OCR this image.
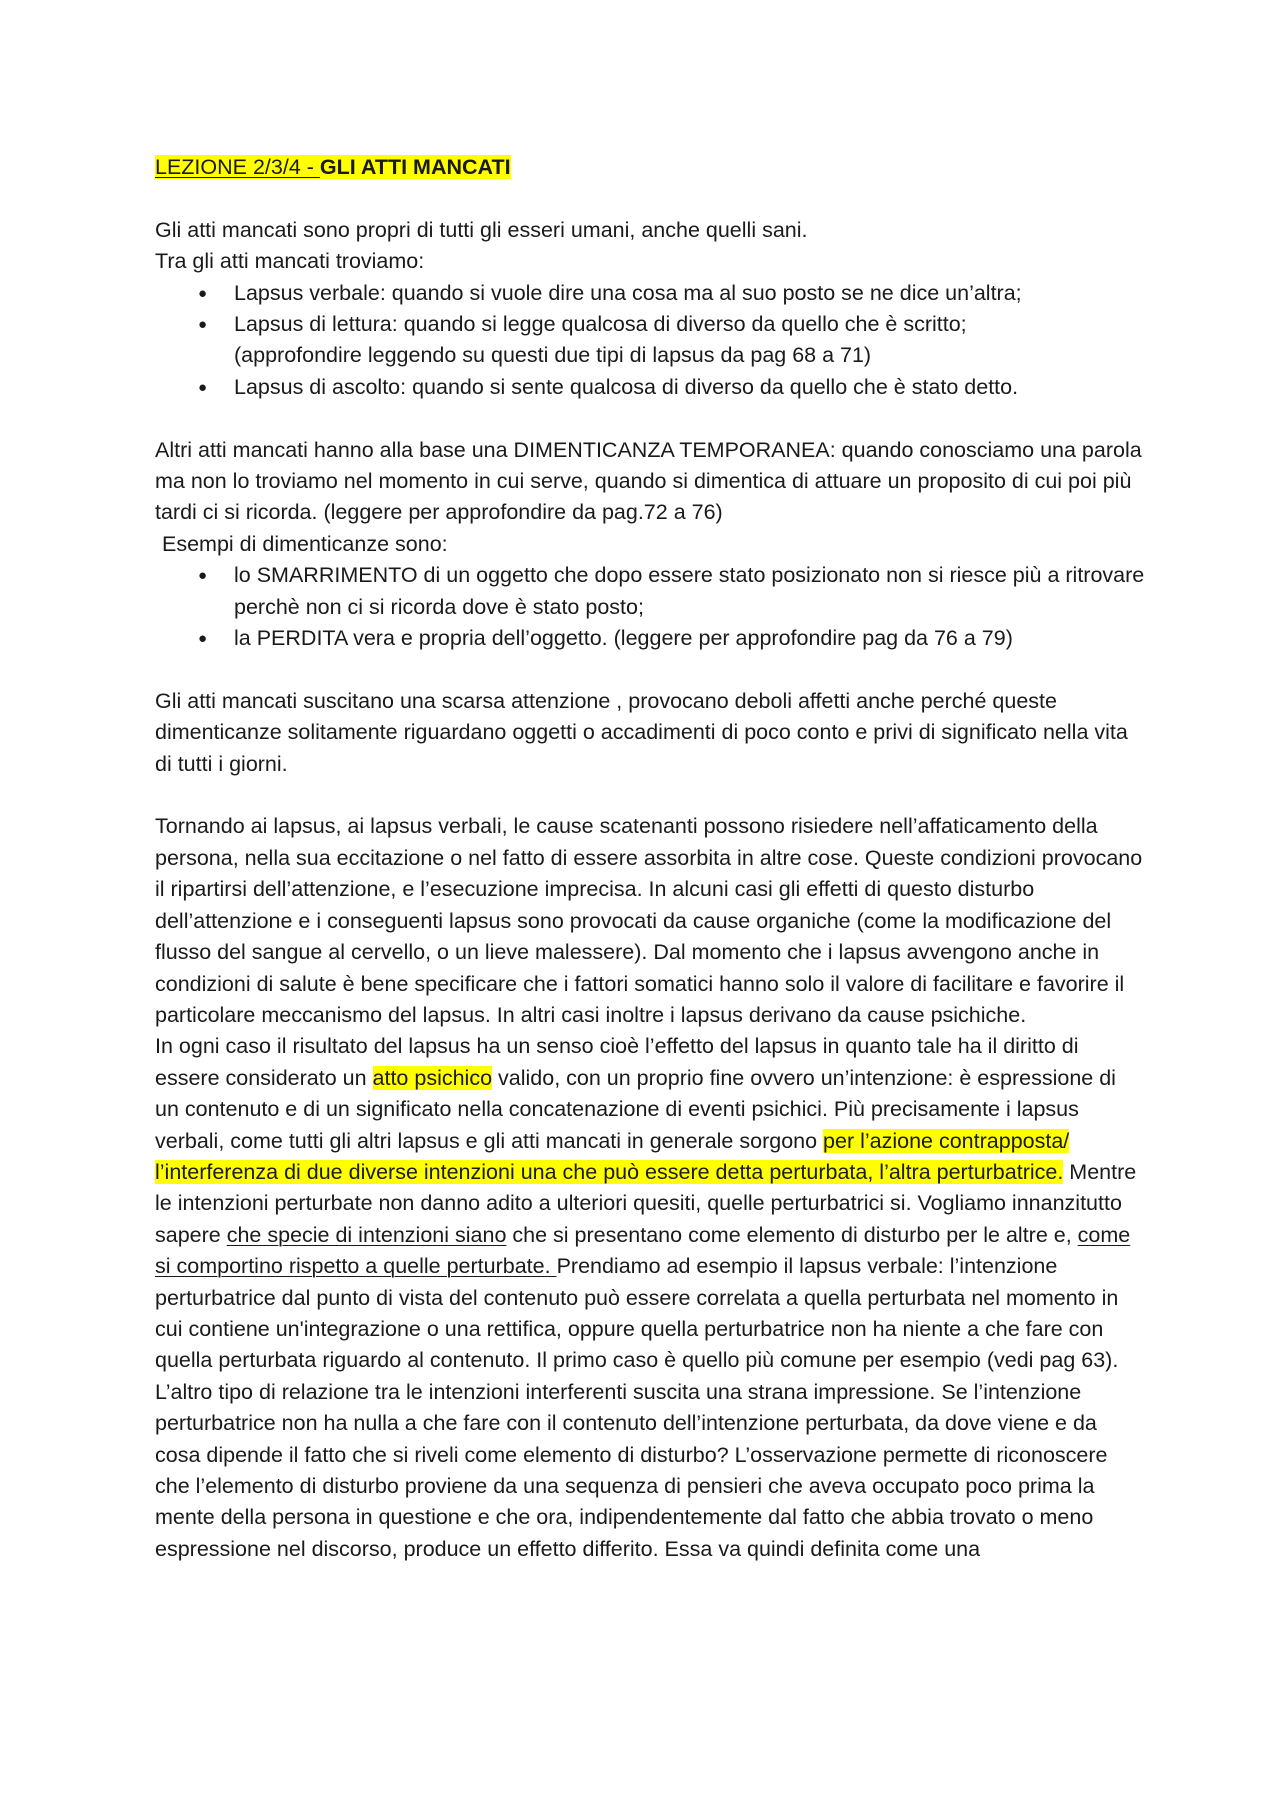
LEZIONE 2/3/4 - GLI ATTI MANCATI

Gli atti mancati sono propri di tutti gli esseri umani, anche quelli sani.

Tra gli atti mancati troviamo:

● Lapsus verbale: quando si vuole dire una cosa ma al suo posto se ne dice un’altra;
● Lapsus di lettura: quando si legge qualcosa di diverso da quello che è scritto;
(approfondire leggendo su questi due tipi di lapsus da pag 68 a 71)
● Lapsus di ascolto: quando si sente qualcosa di diverso da quello che è stato detto.

Altri atti mancati hanno alla base una DIMENTICANZA TEMPORANEA: quando conosciamo una parola ma non lo troviamo nel momento in cui serve, quando si dimentica di attuare un proposito di cui poi più tardi ci si ricorda. (leggere per approfondire da pag.72 a 76)

Esempi di dimenticanze sono:

● lo SMARRIMENTO di un oggetto che dopo essere stato posizionato non si riesce più a ritrovare perchè non ci si ricorda dove è stato posto;
● la PERDITA vera e propria dell’oggetto. (leggere per approfondire pag da 76 a 79)

Gli atti mancati suscitano una scarsa attenzione , provocano deboli affetti anche perché queste dimenticanze solitamente riguardano oggetti o accadimenti di poco conto e privi di significato nella vita di tutti i giorni.

Tornando ai lapsus, ai lapsus verbali, le cause scatenanti possono risiedere nell’affaticamento della persona, nella sua eccitazione o nel fatto di essere assorbita in altre cose. Queste condizioni provocano il ripartirsi dell’attenzione, e l’esecuzione imprecisa. In alcuni casi gli effetti di questo disturbo dell’attenzione e i conseguenti lapsus sono provocati da cause organiche (come la modificazione del flusso del sangue al cervello, o un lieve malessere). Dal momento che i lapsus avvengono anche in condizioni di salute è bene specificare che i fattori somatici hanno solo il valore di facilitare e favorire il particolare meccanismo del lapsus. In altri casi inoltre i lapsus derivano da cause psichiche.

In ogni caso il risultato del lapsus ha un senso cioè l’effetto del lapsus in quanto tale ha il diritto di essere considerato un atto psichico valido, con un proprio fine ovvero un’intenzione: è espressione di un contenuto e di un significato nella concatenazione di eventi psichici. Più precisamente i lapsus verbali, come tutti gli altri lapsus e gli atti mancati in generale sorgono per l’azione contrapposta/ l’interferenza di due diverse intenzioni una che può essere detta perturbata, l’altra perturbatrice. Mentre le intenzioni perturbate non danno adito a ulteriori quesiti, quelle perturbatrici si. Vogliamo innanzitutto sapere che specie di intenzioni siano che si presentano come elemento di disturbo per le altre e, come si comportino rispetto a quelle perturbate. Prendiamo ad esempio il lapsus verbale: l’intenzione perturbatrice dal punto di vista del contenuto può essere correlata a quella perturbata nel momento in cui contiene un'integrazione o una rettifica, oppure quella perturbatrice non ha niente a che fare con quella perturbata riguardo al contenuto. Il primo caso è quello più comune per esempio (vedi pag 63). L’altro tipo di relazione tra le intenzioni interferenti suscita una strana impressione. Se l’intenzione perturbatrice non ha nulla a che fare con il contenuto dell’intenzione perturbata, da dove viene e da cosa dipende il fatto che si riveli come elemento di disturbo? L’osservazione permette di riconoscere che l’elemento di disturbo proviene da una sequenza di pensieri che aveva occupato poco prima la mente della persona in questione e che ora, indipendentemente dal fatto che abbia trovato o meno espressione nel discorso, produce un effetto differito. Essa va quindi definita come una
